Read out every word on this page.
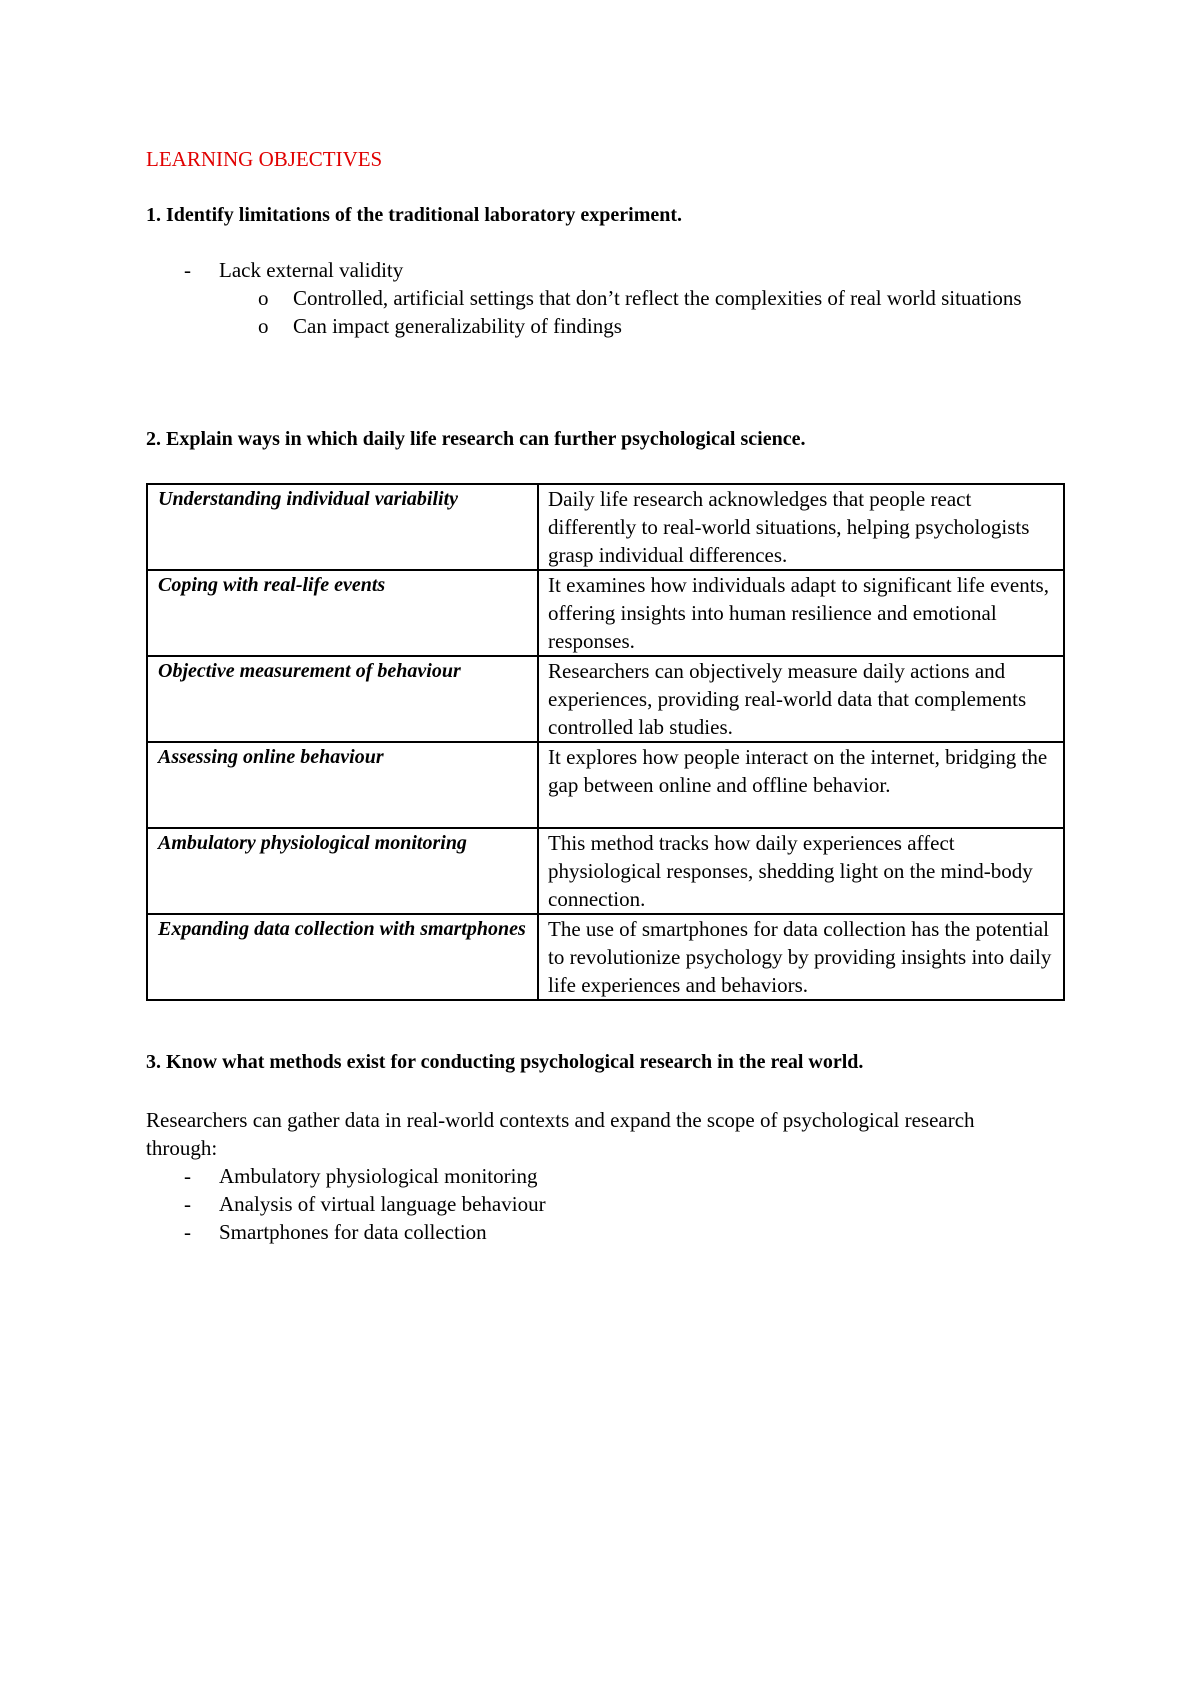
LEARNING OBJECTIVES
1. Identify limitations of the traditional laboratory experiment.
- Lack external validity
o Controlled, artificial settings that don’t reflect the complexities of real world situations
o Can impact generalizability of findings
2. Explain ways in which daily life research can further psychological science.
Understanding individual variability	Daily life research acknowledges that people react differently to real-world situations, helping psychologists grasp individual differences.
Coping with real-life events	It examines how individuals adapt to significant life events, offering insights into human resilience and emotional responses.
Objective measurement of behaviour	Researchers can objectively measure daily actions and experiences, providing real-world data that complements controlled lab studies.
Assessing online behaviour	It explores how people interact on the internet, bridging the gap between online and offline behavior.
Ambulatory physiological monitoring	This method tracks how daily experiences affect physiological responses, shedding light on the mind-body connection.
Expanding data collection with smartphones	The use of smartphones for data collection has the potential to revolutionize psychology by providing insights into daily life experiences and behaviors.
3. Know what methods exist for conducting psychological research in the real world.
Researchers can gather data in real-world contexts and expand the scope of psychological research through:
- Ambulatory physiological monitoring
- Analysis of virtual language behaviour
- Smartphones for data collection
